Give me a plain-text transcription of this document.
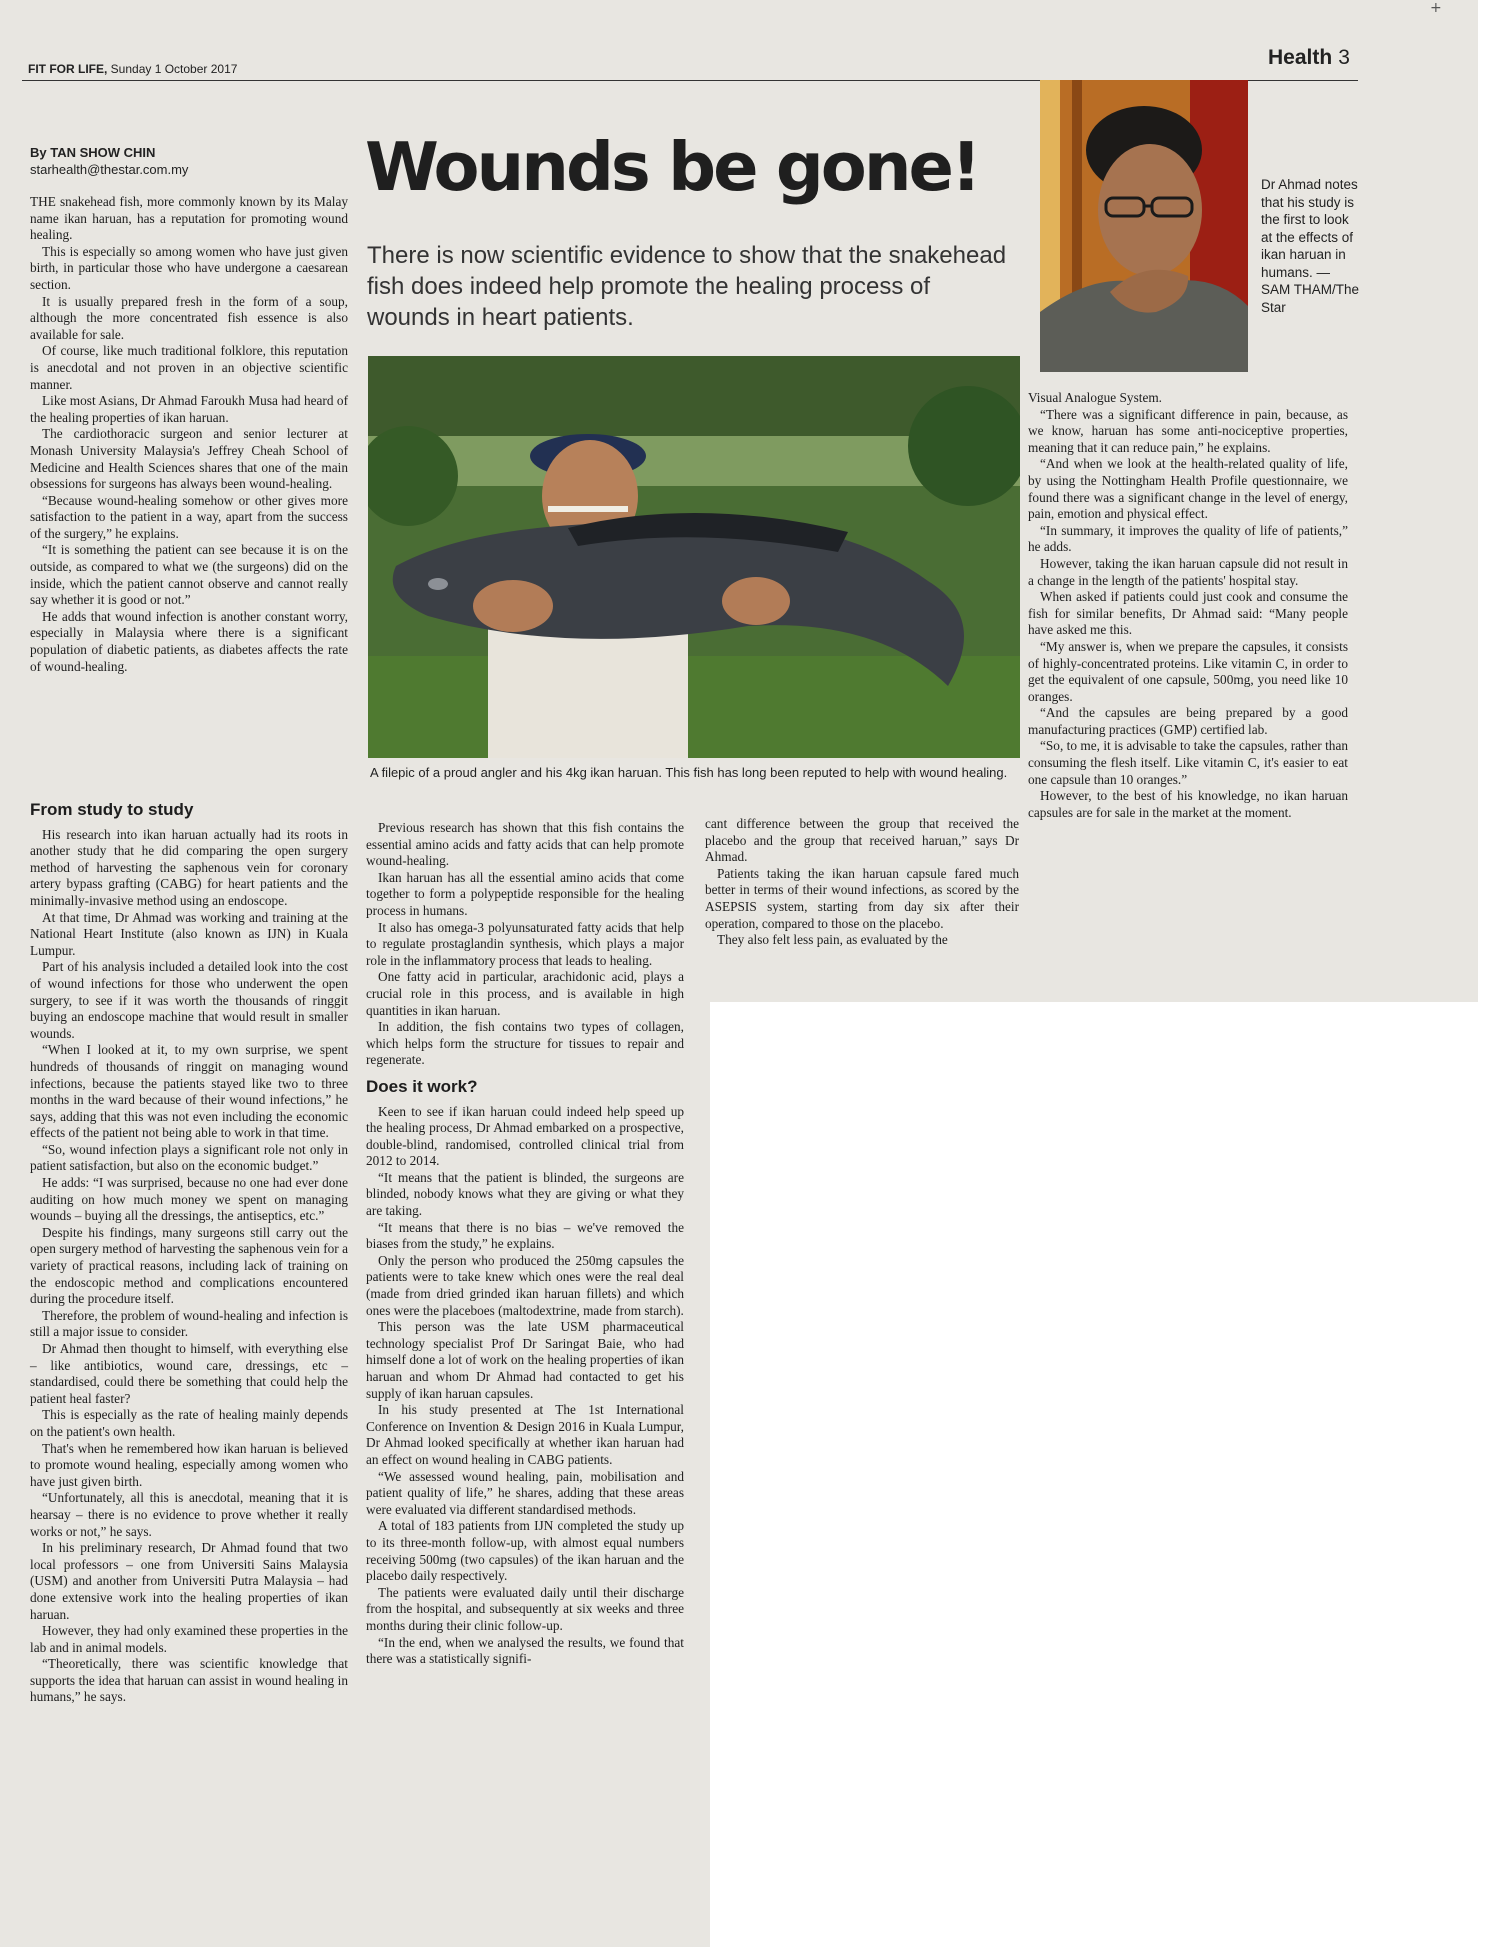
+
FIT FOR LIFE, Sunday 1 October 2017	Health 3
By TAN SHOW CHIN
starhealth@thestar.com.my	Wounds be gone!
There is now scientific evidence to show that the snakehead fish does indeed help promote the healing process of wounds in heart patients.
Dr Ahmad notes that his study is the first to look at the effects of ikan haruan in humans. — SAM THAM/The Star
A filepic of a proud angler and his 4kg ikan haruan. This fish has long been reputed to help with wound healing.

THE snakehead fish, more commonly known by its Malay name ikan haruan, has a reputation for promoting wound healing.

This is especially so among women who have just given birth, in particular those who have undergone a caesarean section.

It is usually prepared fresh in the form of a soup, although the more concentrated fish essence is also available for sale.

Of course, like much traditional folklore, this reputation is anecdotal and not proven in an objective scientific manner.

Like most Asians, Dr Ahmad Faroukh Musa had heard of the healing properties of ikan haruan.

The cardiothoracic surgeon and senior lecturer at Monash University Malaysia's Jeffrey Cheah School of Medicine and Health Sciences shares that one of the main obsessions for surgeons has always been wound-healing.

“Because wound-healing somehow or other gives more satisfaction to the patient in a way, apart from the success of the surgery,” he explains.

“It is something the patient can see because it is on the outside, as compared to what we (the surgeons) did on the inside, which the patient cannot observe and cannot really say whether it is good or not.”

He adds that wound infection is another constant worry, especially in Malaysia where there is a significant population of diabetic patients, as diabetes affects the rate of wound-healing.

From study to study

His research into ikan haruan actually had its roots in another study that he did comparing the open surgery method of harvesting the saphenous vein for coronary artery bypass grafting (CABG) for heart patients and the minimally-invasive method using an endoscope.

At that time, Dr Ahmad was working and training at the National Heart Institute (also known as IJN) in Kuala Lumpur.

Part of his analysis included a detailed look into the cost of wound infections for those who underwent the open surgery, to see if it was worth the thousands of ringgit buying an endoscope machine that would result in smaller wounds.

“When I looked at it, to my own surprise, we spent hundreds of thousands of ringgit on managing wound infections, because the patients stayed like two to three months in the ward because of their wound infections,” he says, adding that this was not even including the economic effects of the patient not being able to work in that time.

“So, wound infection plays a significant role not only in patient satisfaction, but also on the economic budget.”

He adds: “I was surprised, because no one had ever done auditing on how much money we spent on managing wounds – buying all the dressings, the antiseptics, etc.”

Despite his findings, many surgeons still carry out the open surgery method of harvesting the saphenous vein for a variety of practical reasons, including lack of training on the endoscopic method and complications encountered during the procedure itself.

Therefore, the problem of wound-healing and infection is still a major issue to consider.

Dr Ahmad then thought to himself, with everything else – like antibiotics, wound care, dressings, etc – standardised, could there be something that could help the patient heal faster?

This is especially as the rate of healing mainly depends on the patient's own health.

That's when he remembered how ikan haruan is believed to promote wound healing, especially among women who have just given birth.

“Unfortunately, all this is anecdotal, meaning that it is hearsay – there is no evidence to prove whether it really works or not,” he says.

In his preliminary research, Dr Ahmad found that two local professors – one from Universiti Sains Malaysia (USM) and another from Universiti Putra Malaysia – had done extensive work into the healing properties of ikan haruan.

However, they had only examined these properties in the lab and in animal models.

“Theoretically, there was scientific knowledge that supports the idea that haruan can assist in wound healing in humans,” he says.

Previous research has shown that this fish contains the essential amino acids and fatty acids that can help promote wound-healing.

Ikan haruan has all the essential amino acids that come together to form a polypeptide responsible for the healing process in humans.

It also has omega-3 polyunsaturated fatty acids that help to regulate prostaglandin synthesis, which plays a major role in the inflammatory process that leads to healing.

One fatty acid in particular, arachidonic acid, plays a crucial role in this process, and is available in high quantities in ikan haruan.

In addition, the fish contains two types of collagen, which helps form the structure for tissues to repair and regenerate.

Does it work?

Keen to see if ikan haruan could indeed help speed up the healing process, Dr Ahmad embarked on a prospective, double-blind, randomised, controlled clinical trial from 2012 to 2014.

“It means that the patient is blinded, the surgeons are blinded, nobody knows what they are giving or what they are taking.

“It means that there is no bias – we've removed the biases from the study,” he explains.

Only the person who produced the 250mg capsules the patients were to take knew which ones were the real deal (made from dried grinded ikan haruan fillets) and which ones were the placeboes (maltodextrine, made from starch).

This person was the late USM pharmaceutical technology specialist Prof Dr Saringat Baie, who had himself done a lot of work on the healing properties of ikan haruan and whom Dr Ahmad had contacted to get his supply of ikan haruan capsules.

In his study presented at The 1st International Conference on Invention & Design 2016 in Kuala Lumpur, Dr Ahmad looked specifically at whether ikan haruan had an effect on wound healing in CABG patients.

“We assessed wound healing, pain, mobilisation and patient quality of life,” he shares, adding that these areas were evaluated via different standardised methods.

A total of 183 patients from IJN completed the study up to its three-month follow-up, with almost equal numbers receiving 500mg (two capsules) of the ikan haruan and the placebo daily respectively.

The patients were evaluated daily until their discharge from the hospital, and subsequently at six weeks and three months during their clinic follow-up.

“In the end, when we analysed the results, we found that there was a statistically signifi-

cant difference between the group that received the placebo and the group that received haruan,” says Dr Ahmad.

Patients taking the ikan haruan capsule fared much better in terms of their wound infections, as scored by the ASEPSIS system, starting from day six after their operation, compared to those on the placebo.

They also felt less pain, as evaluated by the

Visual Analogue System.

“There was a significant difference in pain, because, as we know, haruan has some anti-nociceptive properties, meaning that it can reduce pain,” he explains.

“And when we look at the health-related quality of life, by using the Nottingham Health Profile questionnaire, we found there was a significant change in the level of energy, pain, emotion and physical effect.

“In summary, it improves the quality of life of patients,” he adds.

However, taking the ikan haruan capsule did not result in a change in the length of the patients' hospital stay.

When asked if patients could just cook and consume the fish for similar benefits, Dr Ahmad said: “Many people have asked me this.

“My answer is, when we prepare the capsules, it consists of highly-concentrated proteins. Like vitamin C, in order to get the equivalent of one capsule, 500mg, you need like 10 oranges.

“And the capsules are being prepared by a good manufacturing practices (GMP) certified lab.

“So, to me, it is advisable to take the capsules, rather than consuming the flesh itself. Like vitamin C, it's easier to eat one capsule than 10 oranges.”

However, to the best of his knowledge, no ikan haruan capsules are for sale in the market at the moment.
